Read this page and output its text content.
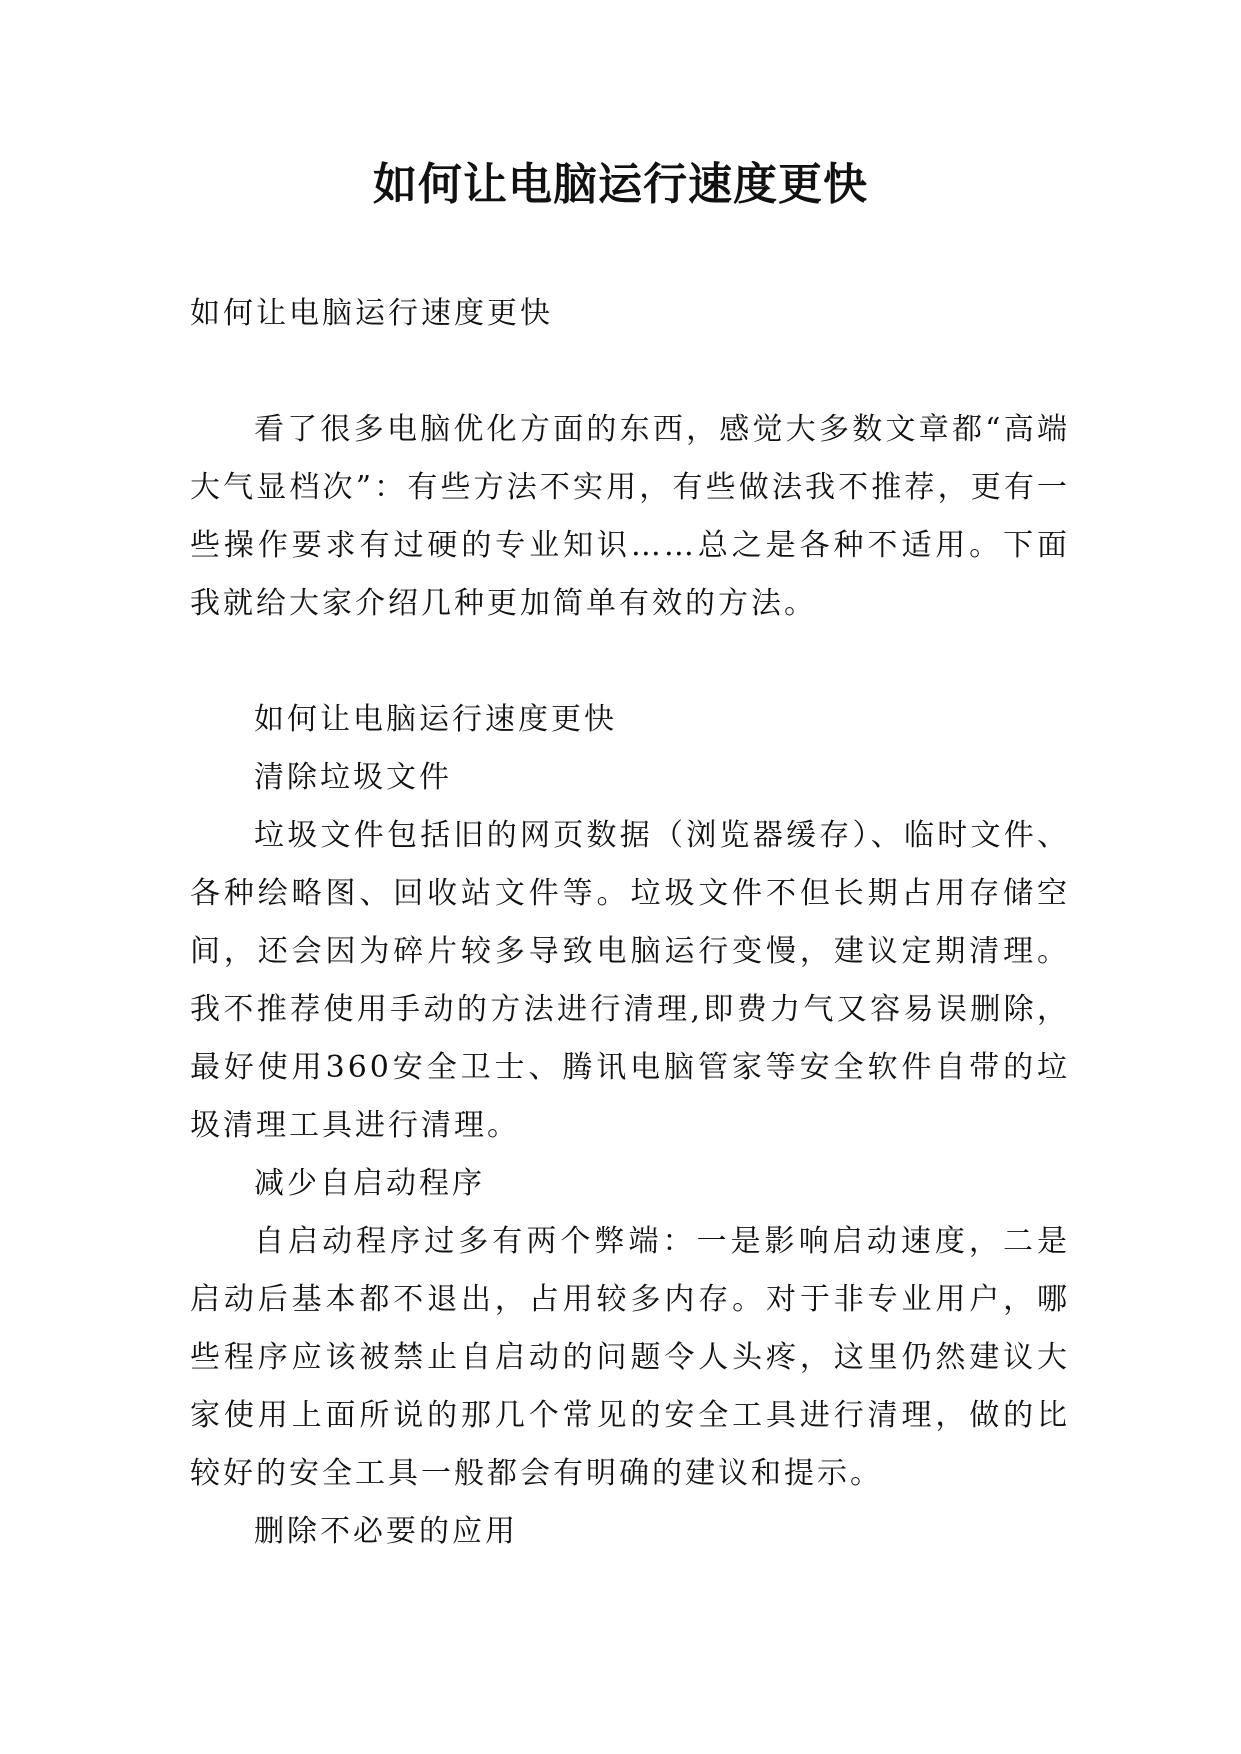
如何让电脑运行速度更快

如何让电脑运行速度更快

看了很多电脑优化方面的东西，感觉大多数文章都“高端大气显档次”：有些方法不实用，有些做法我不推荐，更有一些操作要求有过硬的专业知识……总之是各种不适用。下面我就给大家介绍几种更加简单有效的方法。

如何让电脑运行速度更快

清除垃圾文件

垃圾文件包括旧的网页数据（浏览器缓存）、临时文件、各种绘略图、回收站文件等。垃圾文件不但长期占用存储空间，还会因为碎片较多导致电脑运行变慢，建议定期清理。我不推荐使用手动的方法进行清理,即费力气又容易误删除，最好使用360安全卫士、腾讯电脑管家等安全软件自带的垃圾清理工具进行清理。

减少自启动程序

自启动程序过多有两个弊端：一是影响启动速度，二是启动后基本都不退出，占用较多内存。对于非专业用户，哪些程序应该被禁止自启动的问题令人头疼，这里仍然建议大家使用上面所说的那几个常见的安全工具进行清理，做的比较好的安全工具一般都会有明确的建议和提示。

删除不必要的应用
